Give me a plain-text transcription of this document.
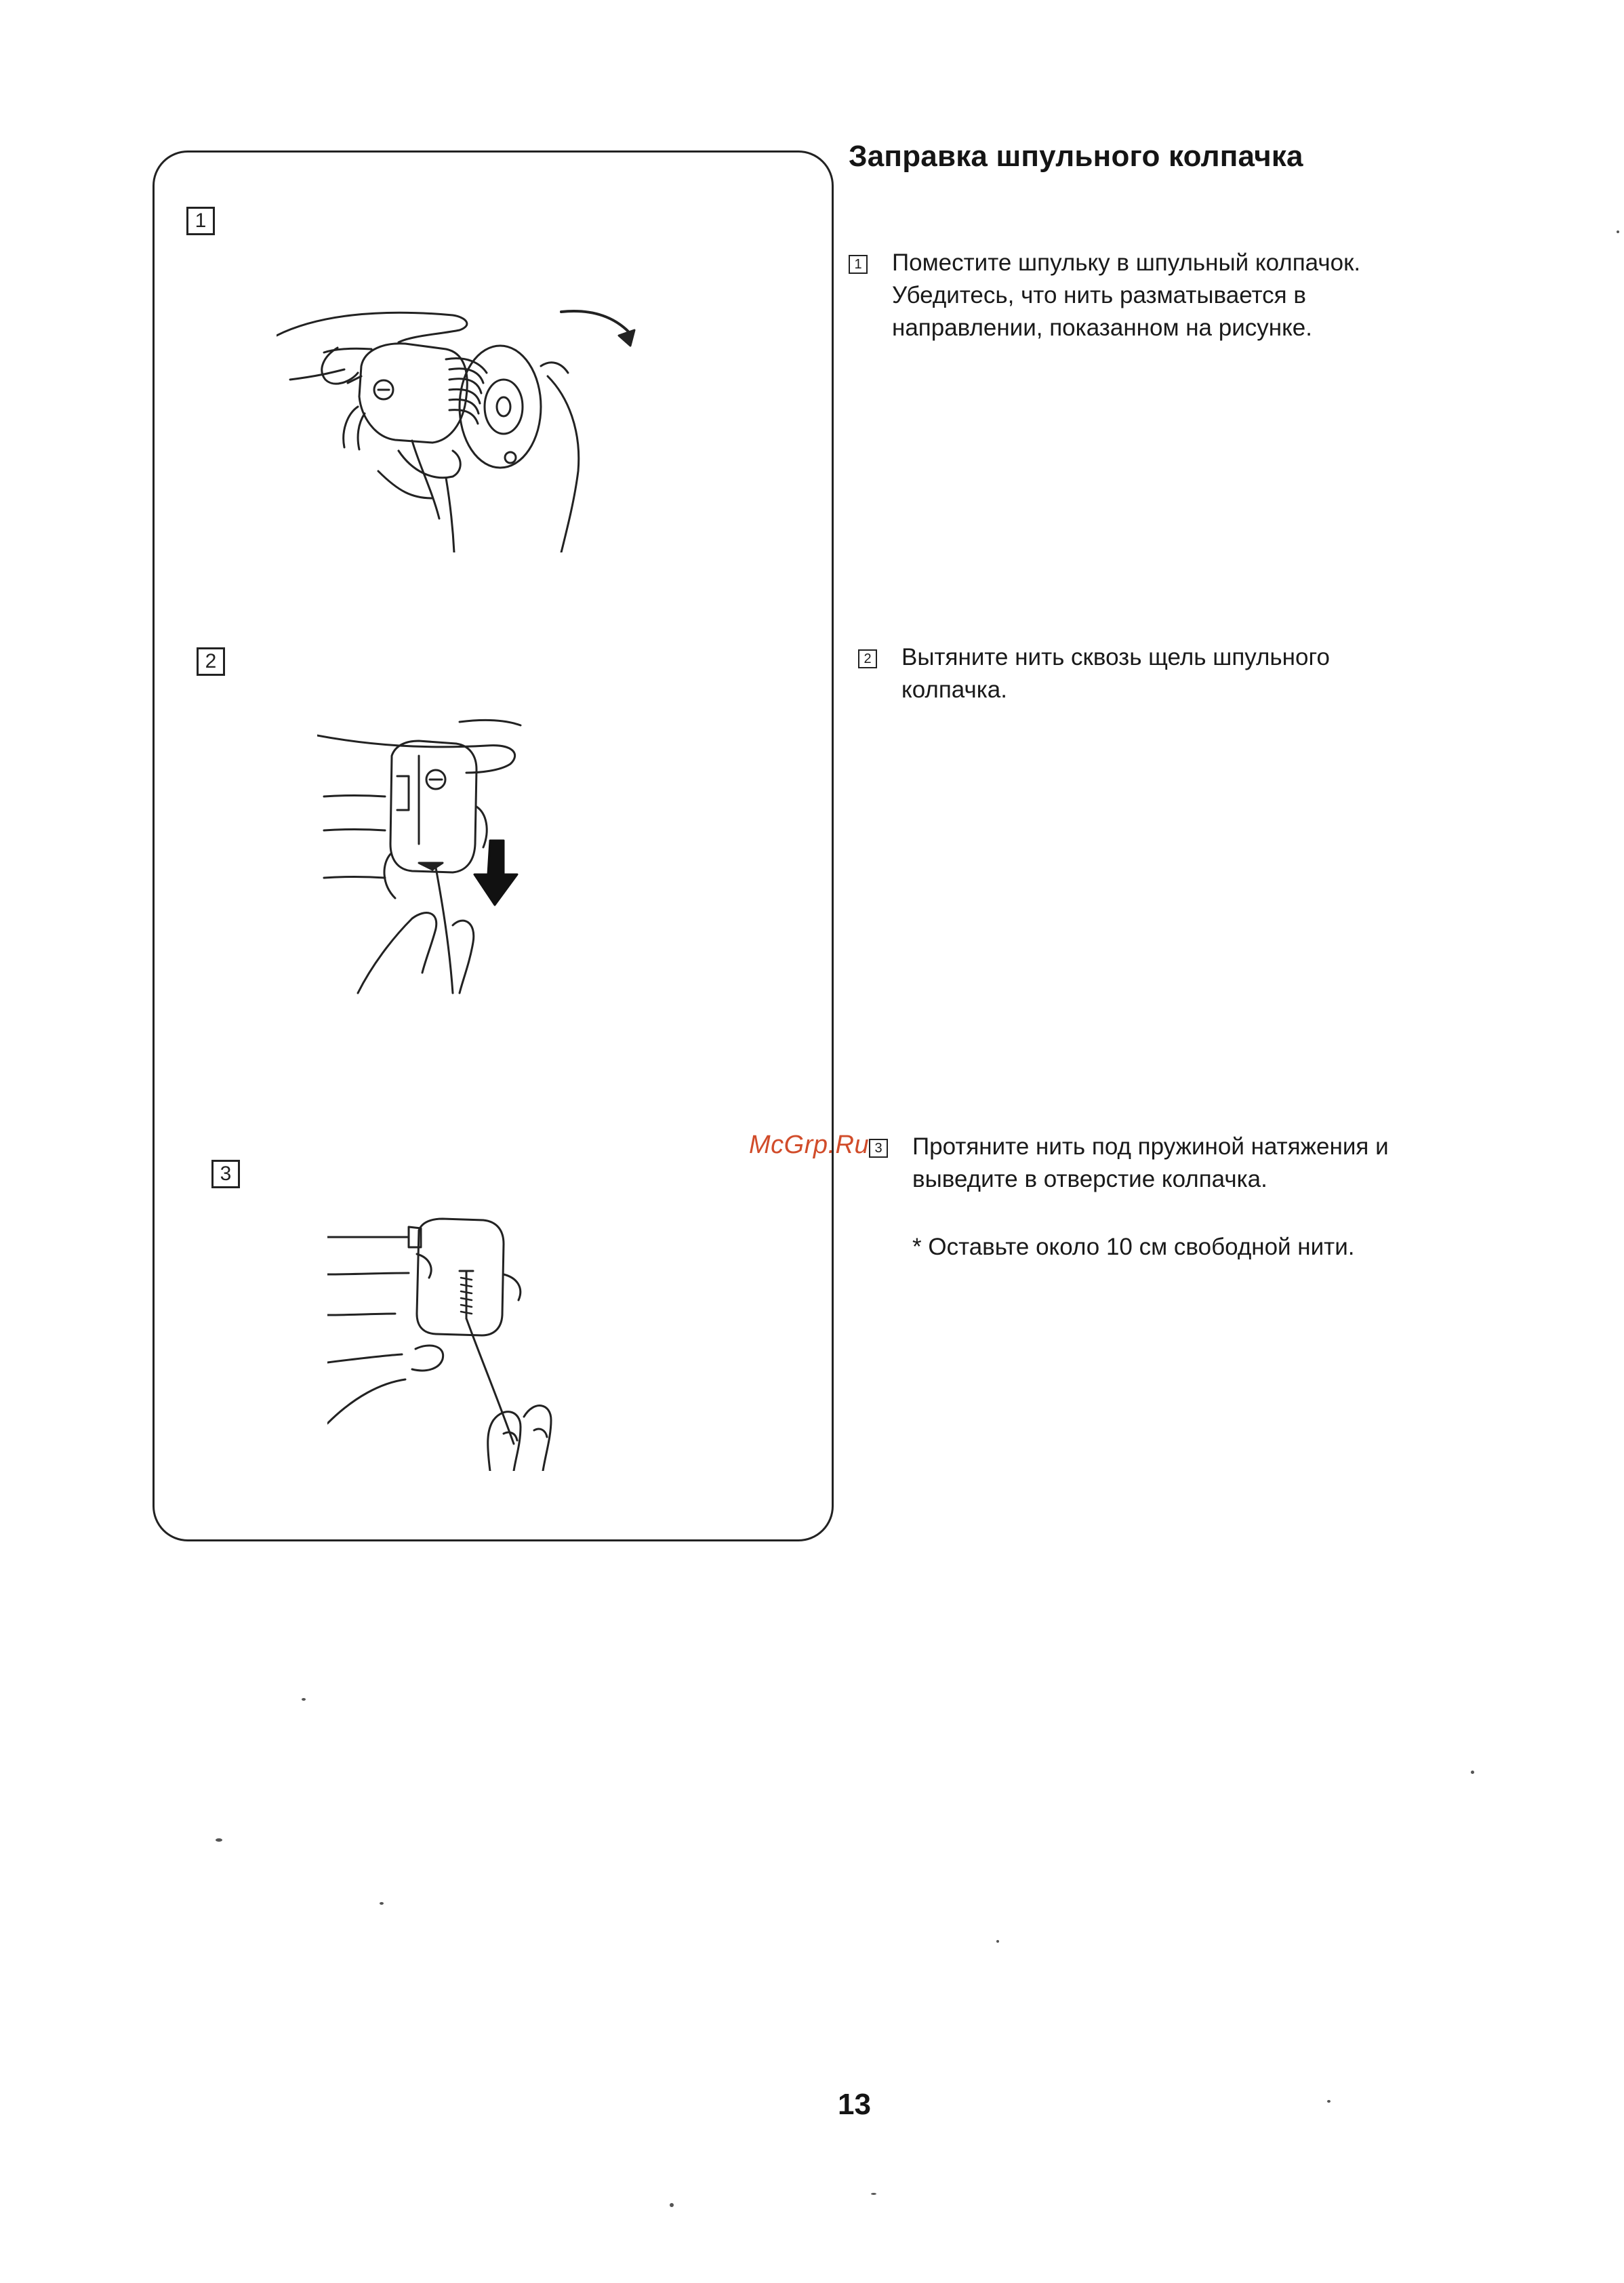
1
2
3
Заправка шпульного колпачка
1 Поместите шпульку в шпульный колпачок.
Убедитесь, что нить разматывается в
направлении, показанном на рисунке.
2 Вытяните нить сквозь щель шпульного
колпачка.
3 Протяните нить под пружиной натяжения и
выведите в отверстие колпачка.
* Оставьте около 10 см свободной нити.
McGrp.Ru
13
